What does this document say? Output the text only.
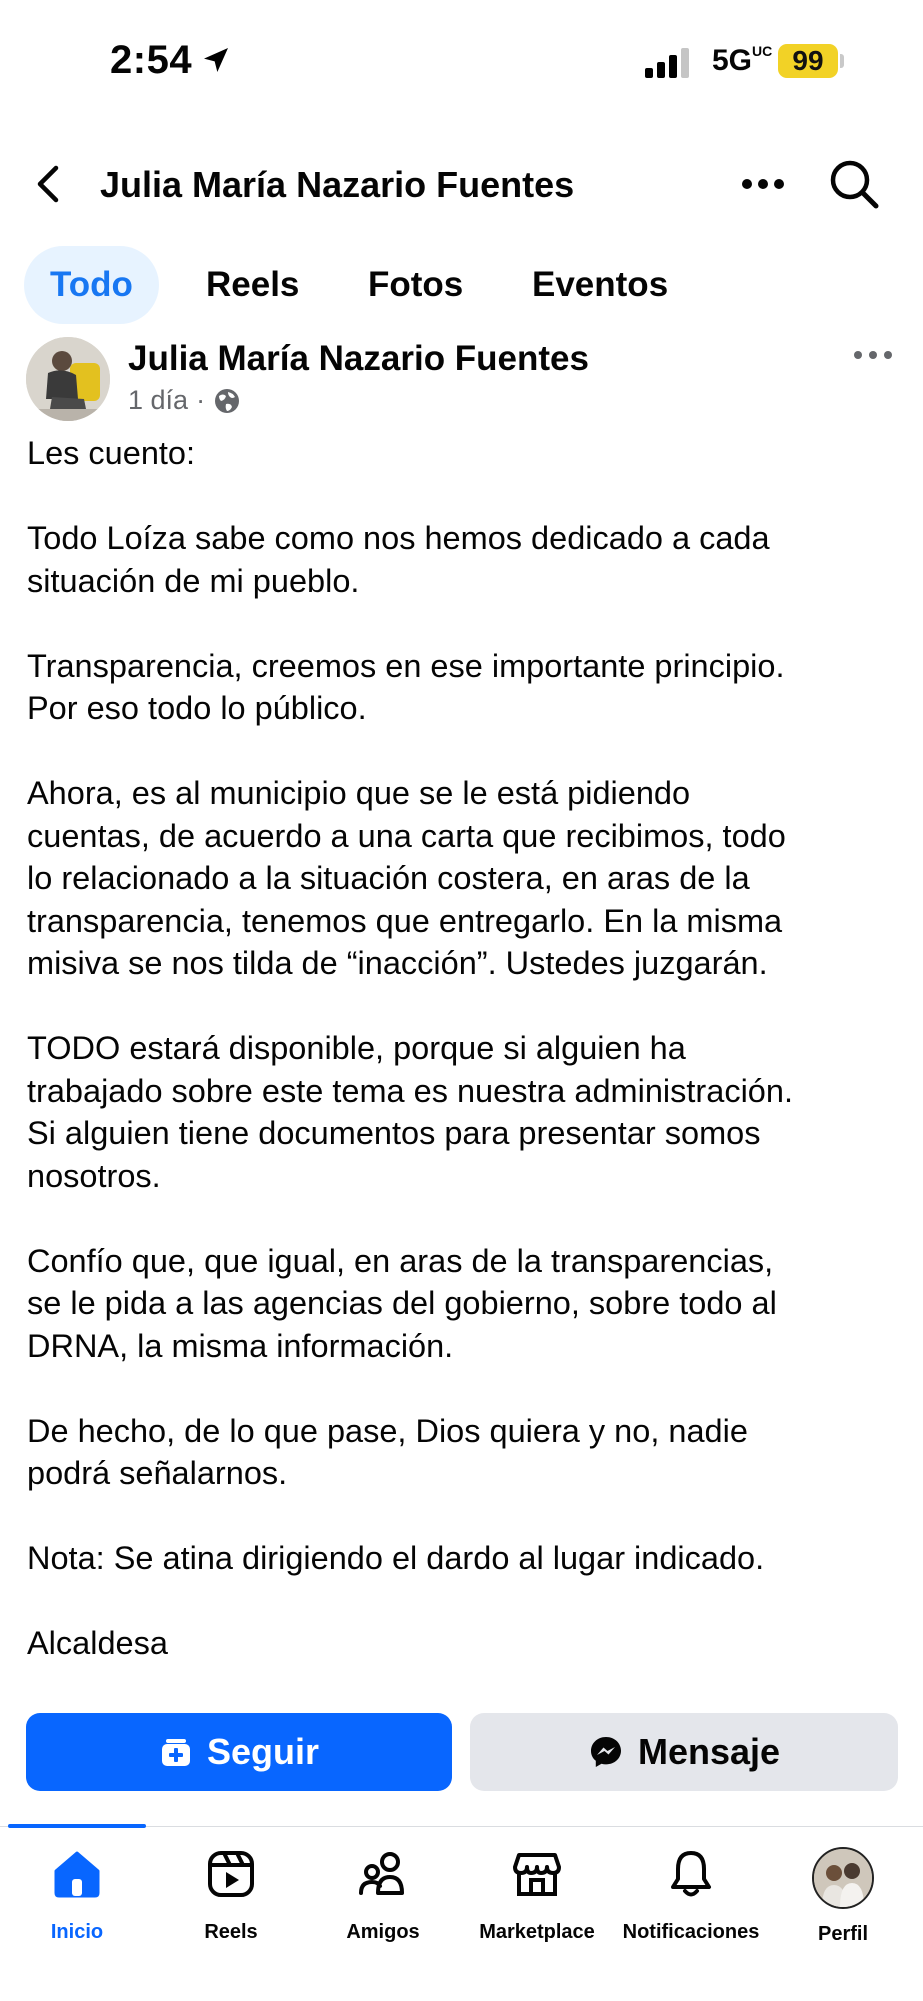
2:54	$5G^{UC}$ 99
Julia María Nazario Fuentes
Todo	Reels	Fotos	Eventos
Julia María Nazario Fuentes
1 día ·

Les cuento:

Todo Loíza sabe como nos hemos dedicado a cada
situación de mi pueblo.

Transparencia, creemos en ese importante principio.
Por eso todo lo público.

Ahora, es al municipio que se le está pidiendo
cuentas, de acuerdo a una carta que recibimos, todo
lo relacionado a la situación costera, en aras de la
transparencia, tenemos que entregarlo. En la misma
misiva se nos tilda de “inacción”. Ustedes juzgarán.

TODO estará disponible, porque si alguien ha
trabajado sobre este tema es nuestra administración.
Si alguien tiene documentos para presentar somos
nosotros.

Confío que, que igual, en aras de la transparencias,
se le pida a las agencias del gobierno, sobre todo al
DRNA, la misma información.

De hecho, de lo que pase, Dios quiera y no, nadie
podrá señalarnos.

Nota: Se atina dirigiendo el dardo al lugar indicado.

Alcaldesa

Seguir	Mensaje
Inicio	Reels	Amigos	Marketplace	Notificaciones	Perfil
